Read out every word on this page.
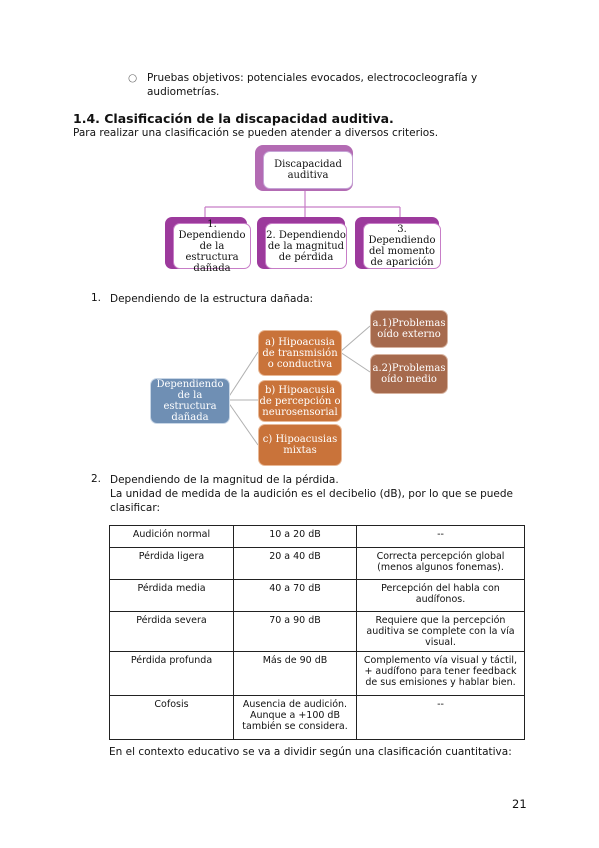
○ Pruebas objetivos: potenciales evocados, electrococleografía y audiometrías.
1.4. Clasificación de la discapacidad auditiva.
Para realizar una clasificación se pueden atender a diversos criterios.
Discapacidad auditiva
1. Dependiendo de la estructura dañada
2. Dependiendo de la magnitud de pérdida
3. Dependiendo del momento de aparición
1. Dependiendo de la estructura dañada:
Dependiendo de la estructura dañada
a) Hipoacusia de transmisión o conductiva
b) Hipoacusia de percepción o neurosensorial
c) Hipoacusias mixtas
a.1)Problemas oído externo
a.2)Problemas oído medio
2. Dependiendo de la magnitud de la pérdida.
La unidad de medida de la audición es el decibelio (dB), por lo que se puede
clasificar:
Audición normal	10 a 20 dB	--
Pérdida ligera	20 a 40 dB	Correcta percepción global (menos algunos fonemas).
Pérdida media	40 a 70 dB	Percepción del habla con audífonos.
Pérdida severa	70 a 90 dB	Requiere que la percepción auditiva se complete con la vía visual.
Pérdida profunda	Más de 90 dB	Complemento vía visual y táctil, + audífono para tener feedback de sus emisiones y hablar bien.
Cofosis	Ausencia de audición. Aunque a +100 dB también se considera.	--
En el contexto educativo se va a dividir según una clasificación cuantitativa:
21
